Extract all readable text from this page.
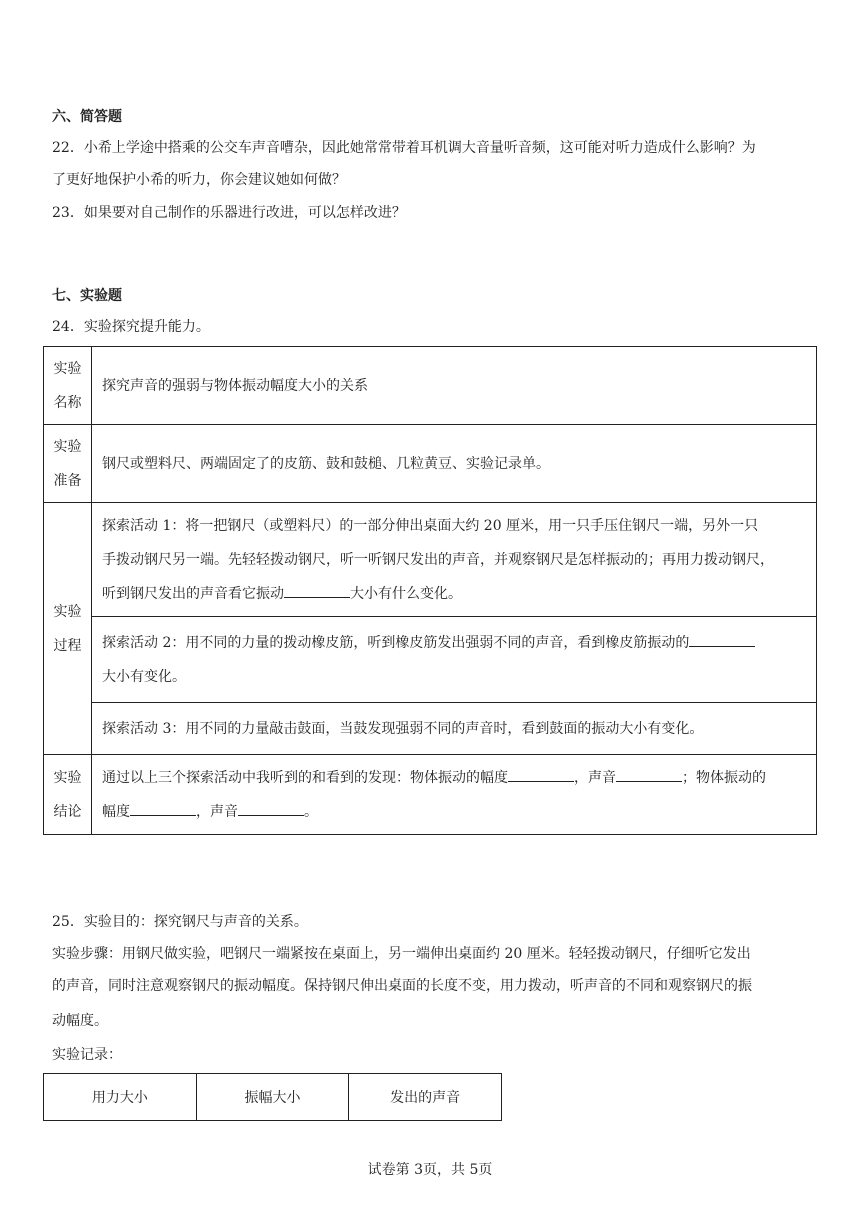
六、简答题
22．小希上学途中搭乘的公交车声音嘈杂，因此她常常带着耳机调大音量听音频，这可能对听力造成什么影响？为
了更好地保护小希的听力，你会建议她如何做？
23．如果要对自己制作的乐器进行改进，可以怎样改进？
七、实验题
24．实验探究提升能力。
实验名称	探究声音的强弱与物体振动幅度大小的关系

实验准备	钢尺或塑料尺、两端固定了的皮筋、鼓和鼓槌、几粒黄豆、实验记录单。

实验过程	探索活动 1：将一把钢尺（或塑料尺）的一部分伸出桌面大约 20 厘米，用一只手压住钢尺一端，另外一只
手拨动钢尺另一端。先轻轻拨动钢尺，听一听钢尺发出的声音，并观察钢尺是怎样振动的；再用力拨动钢尺，
听到钢尺发出的声音看它振动 大小有什么变化。

	探索活动 2：用不同的力量的拨动橡皮筋，听到橡皮筋发出强弱不同的声音，看到橡皮筋振动的
大小有变化。

	探索活动 3：用不同的力量敲击鼓面，当鼓发现强弱不同的声音时，看到鼓面的振动大小有变化。

实验结论	通过以上三个探索活动中我听到的和看到的发现：物体振动的幅度 ，声音 ；物体振动的
幅度 ，声音 。
25．实验目的：探究钢尺与声音的关系。
实验步骤：用钢尺做实验，吧钢尺一端紧按在桌面上，另一端伸出桌面约 20 厘米。轻轻拨动钢尺，仔细听它发出
的声音，同时注意观察钢尺的振动幅度。保持钢尺伸出桌面的长度不变，用力拨动，听声音的不同和观察钢尺的振
动幅度。
实验记录：
用力大小	振幅大小	发出的声音
试卷第 3页，共 5页
